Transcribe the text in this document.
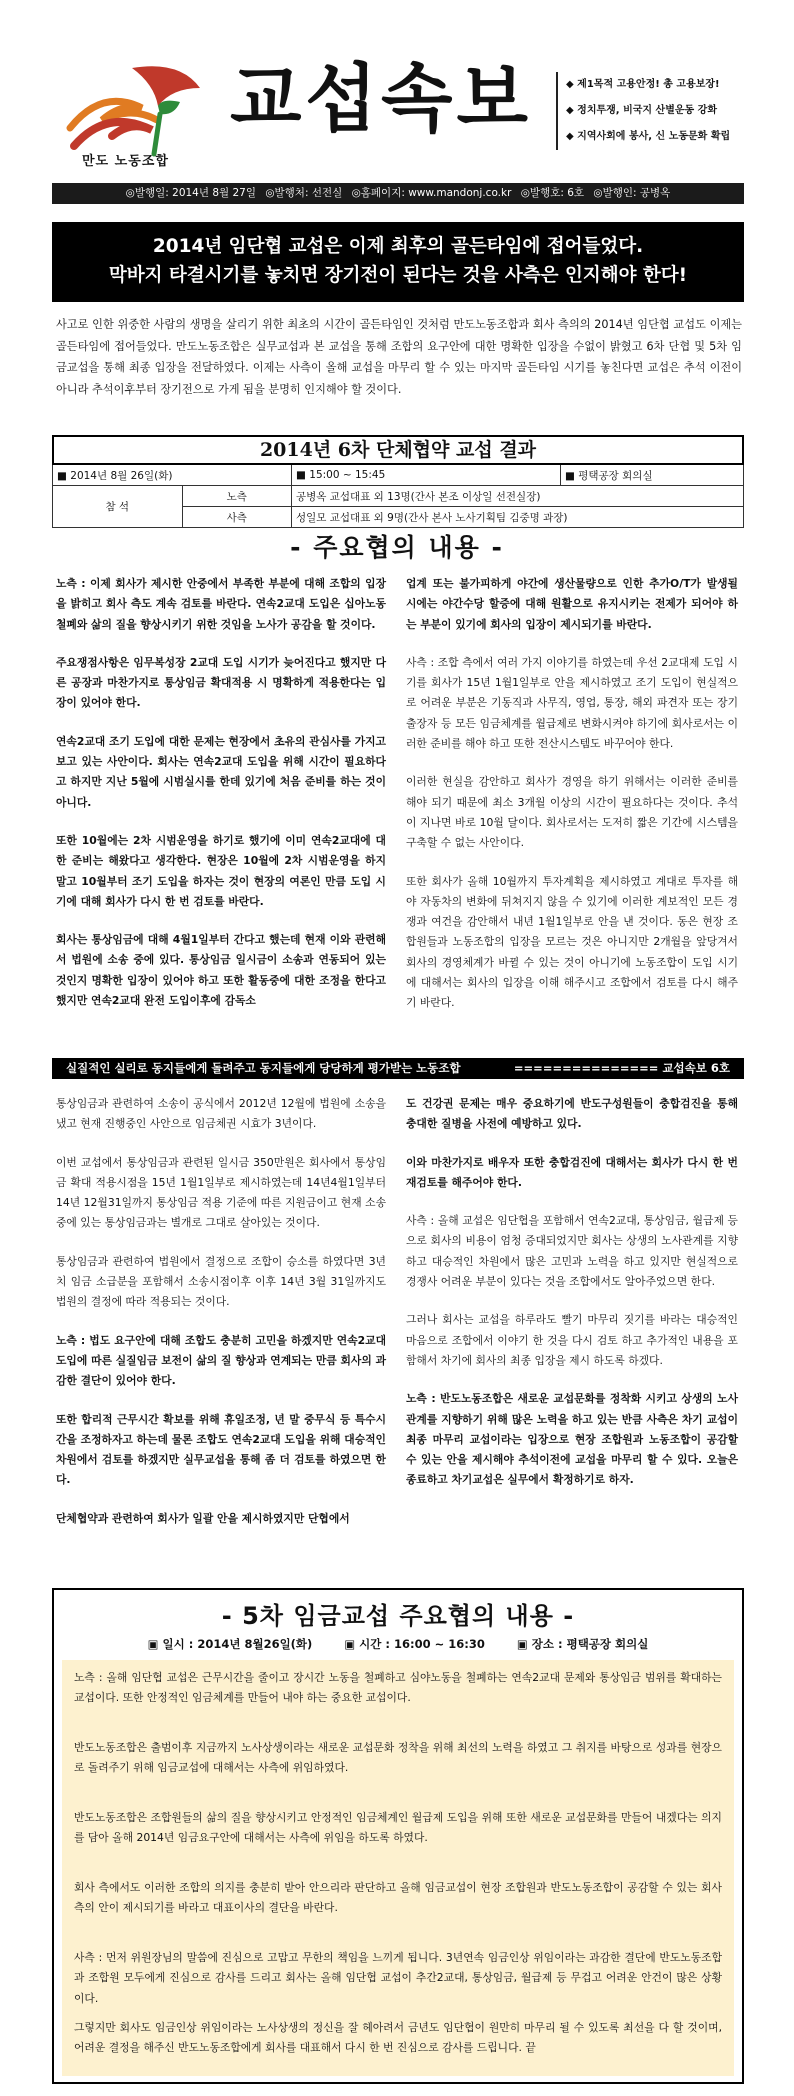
만도 노동조합
교섭속보	◆ 제1목적 고용안정! 총 고용보장!
◆ 정치투쟁, 비국지 산별운동 강화
◆ 지역사회에 봉사, 신 노동문화 확립
◎발행일: 2014년 8월 27일 ◎발행처: 선전실 ◎홈페이지: www.mandonj.co.kr ◎발행호: 6호 ◎발행인: 공병옥
2014년 임단협 교섭은 이제 최후의 골든타임에 접어들었다.
막바지 타결시기를 놓치면 장기전이 된다는 것을 사측은 인지해야 한다!
사고로 인한 위중한 사람의 생명을 살리기 위한 최초의 시간이 골든타임인 것처럼 만도노동조합과 회사 측의의 2014년 임단협 교섭도 이제는 골든타임에 접어들었다. 만도노동조합은 실무교섭과 본 교섭을 통해 조합의 요구안에 대한 명확한 입장을 수없이 밝혔고 6차 단협 및 5차 임금교섭을 통해 최종 입장을 전달하였다. 이제는 사측이 올해 교섭을 마무리 할 수 있는 마지막 골든타임 시기를 놓친다면 교섭은 추석 이전이 아니라 추석이후부터 장기전으로 가게 됨을 분명히 인지해야 할 것이다.
2014년 6차 단체협약 교섭 결과
■ 2014년 8월 26일(화)		■ 15:00 ~ 15:45	■ 평택공장 회의실
참 석	노측	공병옥 교섭대표 외 13명(간사 본조 이상일 선전실장)	
	사측	성일모 교섭대표 외 9명(간사 본사 노사기획팀 김중명 과장)	
- 주요협의 내용 -

노측 : 이제 회사가 제시한 안중에서 부족한 부분에 대해 조합의 입장을 밝히고 회사 측도 계속 검토를 바란다. 연속2교대 도입은 십아노동철폐와 삶의 질을 향상시키기 위한 것임을 노사가 공감을 할 것이다.

주요쟁점사항은 임무복성장 2교대 도입 시기가 늦어진다고 했지만 다른 공장과 마찬가지로 통상임금 확대적용 시 명확하게 적용한다는 입장이 있어야 한다.

연속2교대 조기 도입에 대한 문제는 현장에서 초유의 관심사를 가지고 보고 있는 사안이다. 회사는 연속2교대 도입을 위해 시간이 필요하다고 하지만 지난 5월에 시범실시를 한데 있기에 처음 준비를 하는 것이 아니다.

또한 10월에는 2차 시범운영을 하기로 했기에 이미 연속2교대에 대한 준비는 해왔다고 생각한다. 현장은 10월에 2차 시범운영을 하지 말고 10월부터 조기 도입을 하자는 것이 현장의 여론인 만큼 도입 시기에 대해 회사가 다시 한 번 검토를 바란다.

회사는 통상임금에 대해 4월1일부터 간다고 했는데 현재 이와 관련해서 법원에 소송 중에 있다. 통상임금 일시금이 소송과 연동되어 있는 것인지 명확한 입장이 있어야 하고 또한 활동중에 대한 조정을 한다고 했지만 연속2교대 완전 도입이후에 감독소

업계 또는 불가피하게 야간에 생산물량으로 인한 추가O/T가 발생될 시에는 야간수당 할증에 대해 원활으로 유지시키는 전제가 되어야 하는 부분이 있기에 회사의 입장이 제시되기를 바란다.

사측 : 조합 측에서 여러 가지 이야기를 하였는데 우선 2교대제 도입 시기를 회사가 15년 1월1일부로 안을 제시하였고 조기 도입이 현실적으로 어려운 부분은 기동직과 사무직, 영업, 통장, 해외 파견자 또는 장기 출장자 등 모든 임금체계를 월급제로 변화시켜야 하기에 회사로서는 이러한 준비를 해야 하고 또한 전산시스템도 바꾸어야 한다.

이러한 현실을 감안하고 회사가 경영을 하기 위해서는 이러한 준비를 해야 되기 때문에 최소 3개월 이상의 시간이 필요하다는 것이다. 추석이 지나면 바로 10월 달이다. 회사로서는 도저히 짧은 기간에 시스템을 구축할 수 없는 사안이다.

또한 회사가 올해 10월까지 투자계획을 제시하였고 계대로 투자를 해야 자동차의 변화에 뒤쳐지지 않을 수 있기에 이러한 계보적인 모든 경쟁과 여건을 감안해서 내년 1월1일부로 안을 낸 것이다. 동은 현장 조합원들과 노동조합의 입장을 모르는 것은 아니지만 2개월을 앞당겨서 회사의 경영체계가 바뀔 수 있는 것이 아니기에 노동조합이 도입 시기에 대해서는 회사의 입장을 이해 해주시고 조합에서 검토를 다시 해주기 바란다.

실질적인 실리로 동지들에게 돌려주고 동지들에게 당당하게 평가받는 노동조합	=============== 교섭속보 6호

통상임금과 관련하여 소송이 공식에서 2012년 12월에 법원에 소송을 냈고 현재 진행중인 사안으로 임금체권 시효가 3년이다.

이번 교섭에서 통상임금과 관련된 일시금 350만원은 회사에서 통상임금 확대 적용시점을 15년 1월1일부로 제시하였는데 14년4월1일부터 14년 12월31일까지 통상임금 적용 기준에 따른 지원금이고 현재 소송 중에 있는 통상임금과는 별개로 그대로 살아있는 것이다.

통상임금과 관련하여 법원에서 결정으로 조합이 승소를 하였다면 3년치 임금 소급분을 포함해서 소송시점이후 이후 14년 3월 31일까지도 법원의 결정에 따라 적용되는 것이다.

노측 : 법도 요구안에 대해 조합도 충분히 고민을 하겠지만 연속2교대 도입에 따른 실질임금 보전이 삶의 질 향상과 연계되는 만큼 회사의 과감한 결단이 있어야 한다.

또한 합리적 근무시간 확보를 위해 휴일조정, 년 말 중무식 등 특수시간을 조정하자고 하는데 물론 조합도 연속2교대 도입을 위해 대승적인 차원에서 검토를 하겠지만 실무교섭을 통해 좀 더 검토를 하였으면 한다.

단체협약과 관련하여 회사가 일괄 안을 제시하였지만 단협에서

도 건강권 문제는 매우 중요하기에 반도구성원들이 충합검진을 통해 충대한 질병을 사전에 예방하고 있다.

이와 마찬가지로 배우자 또한 충합검진에 대해서는 회사가 다시 한 번 재검토를 해주어야 한다.

사측 : 올해 교섭은 임단협을 포함해서 연속2교대, 통상임금, 월급제 등으로 회사의 비용이 엄청 증대되었지만 회사는 상생의 노사관계를 지향하고 대승적인 차원에서 많은 고민과 노력을 하고 있지만 현실적으로 경쟁사 어려운 부분이 있다는 것을 조합에서도 알아주었으면 한다.

그러나 회사는 교섭을 하루라도 빨기 마무리 짓기를 바라는 대승적인 마음으로 조합에서 이야기 한 것을 다시 검토 하고 추가적인 내용을 포함해서 차기에 회사의 최종 입장을 제시 하도록 하겠다.

노측 : 반도노동조합은 새로운 교섭문화를 정착화 시키고 상생의 노사관계를 지향하기 위해 많은 노력을 하고 있는 반큼 사측은 차기 교섭이 최종 마무리 교섭이라는 입장으로 현장 조합원과 노동조합이 공감할 수 있는 안을 제시해야 추석이전에 교섭을 마무리 할 수 있다. 오늘은 종료하고 차기교섭은 실무에서 확정하기로 하자.

- 5차 임금교섭 주요협의 내용 -
▣ 일시 : 2014년 8월26일(화)	▣ 시간 : 16:00 ~ 16:30	▣ 장소 : 평택공장 회의실

노측 : 올해 임단협 교섭은 근무시간을 줄이고 장시간 노동을 철폐하고 심야노동을 철폐하는 연속2교대 문제와 통상임금 범위를 확대하는 교섭이다. 또한 안정적인 임금체계를 만들어 내야 하는 중요한 교섭이다.

반도노동조합은 출범이후 지금까지 노사상생이라는 새로운 교섭문화 정착을 위해 최선의 노력을 하였고 그 취지를 바탕으로 성과를 현장으로 돌려주기 위해 임금교섭에 대해서는 사측에 위임하였다.

반도노동조합은 조합원들의 삶의 질을 향상시키고 안정적인 임금체계인 월급제 도입을 위해 또한 새로운 교섭문화를 만들어 내겠다는 의지를 담아 올해 2014년 임금요구안에 대해서는 사측에 위임을 하도록 하였다.

회사 측에서도 이러한 조합의 의지를 충분히 받아 안으리라 판단하고 올해 임금교섭이 현장 조합원과 반도노동조합이 공감할 수 있는 회사 측의 안이 제시되기를 바라고 대표이사의 결단을 바란다.

사측 : 먼저 위원장님의 말씀에 진심으로 고맙고 무한의 책임을 느끼게 됩니다. 3년연속 임금인상 위임이라는 과감한 결단에 반도노동조합과 조합원 모두에게 진심으로 감사를 드리고 회사는 올해 임단협 교섭이 추간2교대, 통상임금, 월급제 등 무겁고 어려운 안건이 많은 상황이다.

그렇지만 회사도 임금인상 위임이라는 노사상생의 정신을 잘 헤아려서 금년도 임단협이 원만히 마무리 될 수 있도록 최선을 다 할 것이며, 어려운 결정을 해주신 반도노동조합에게 회사를 대표해서 다시 한 번 진심으로 감사를 드립니다. 끝
